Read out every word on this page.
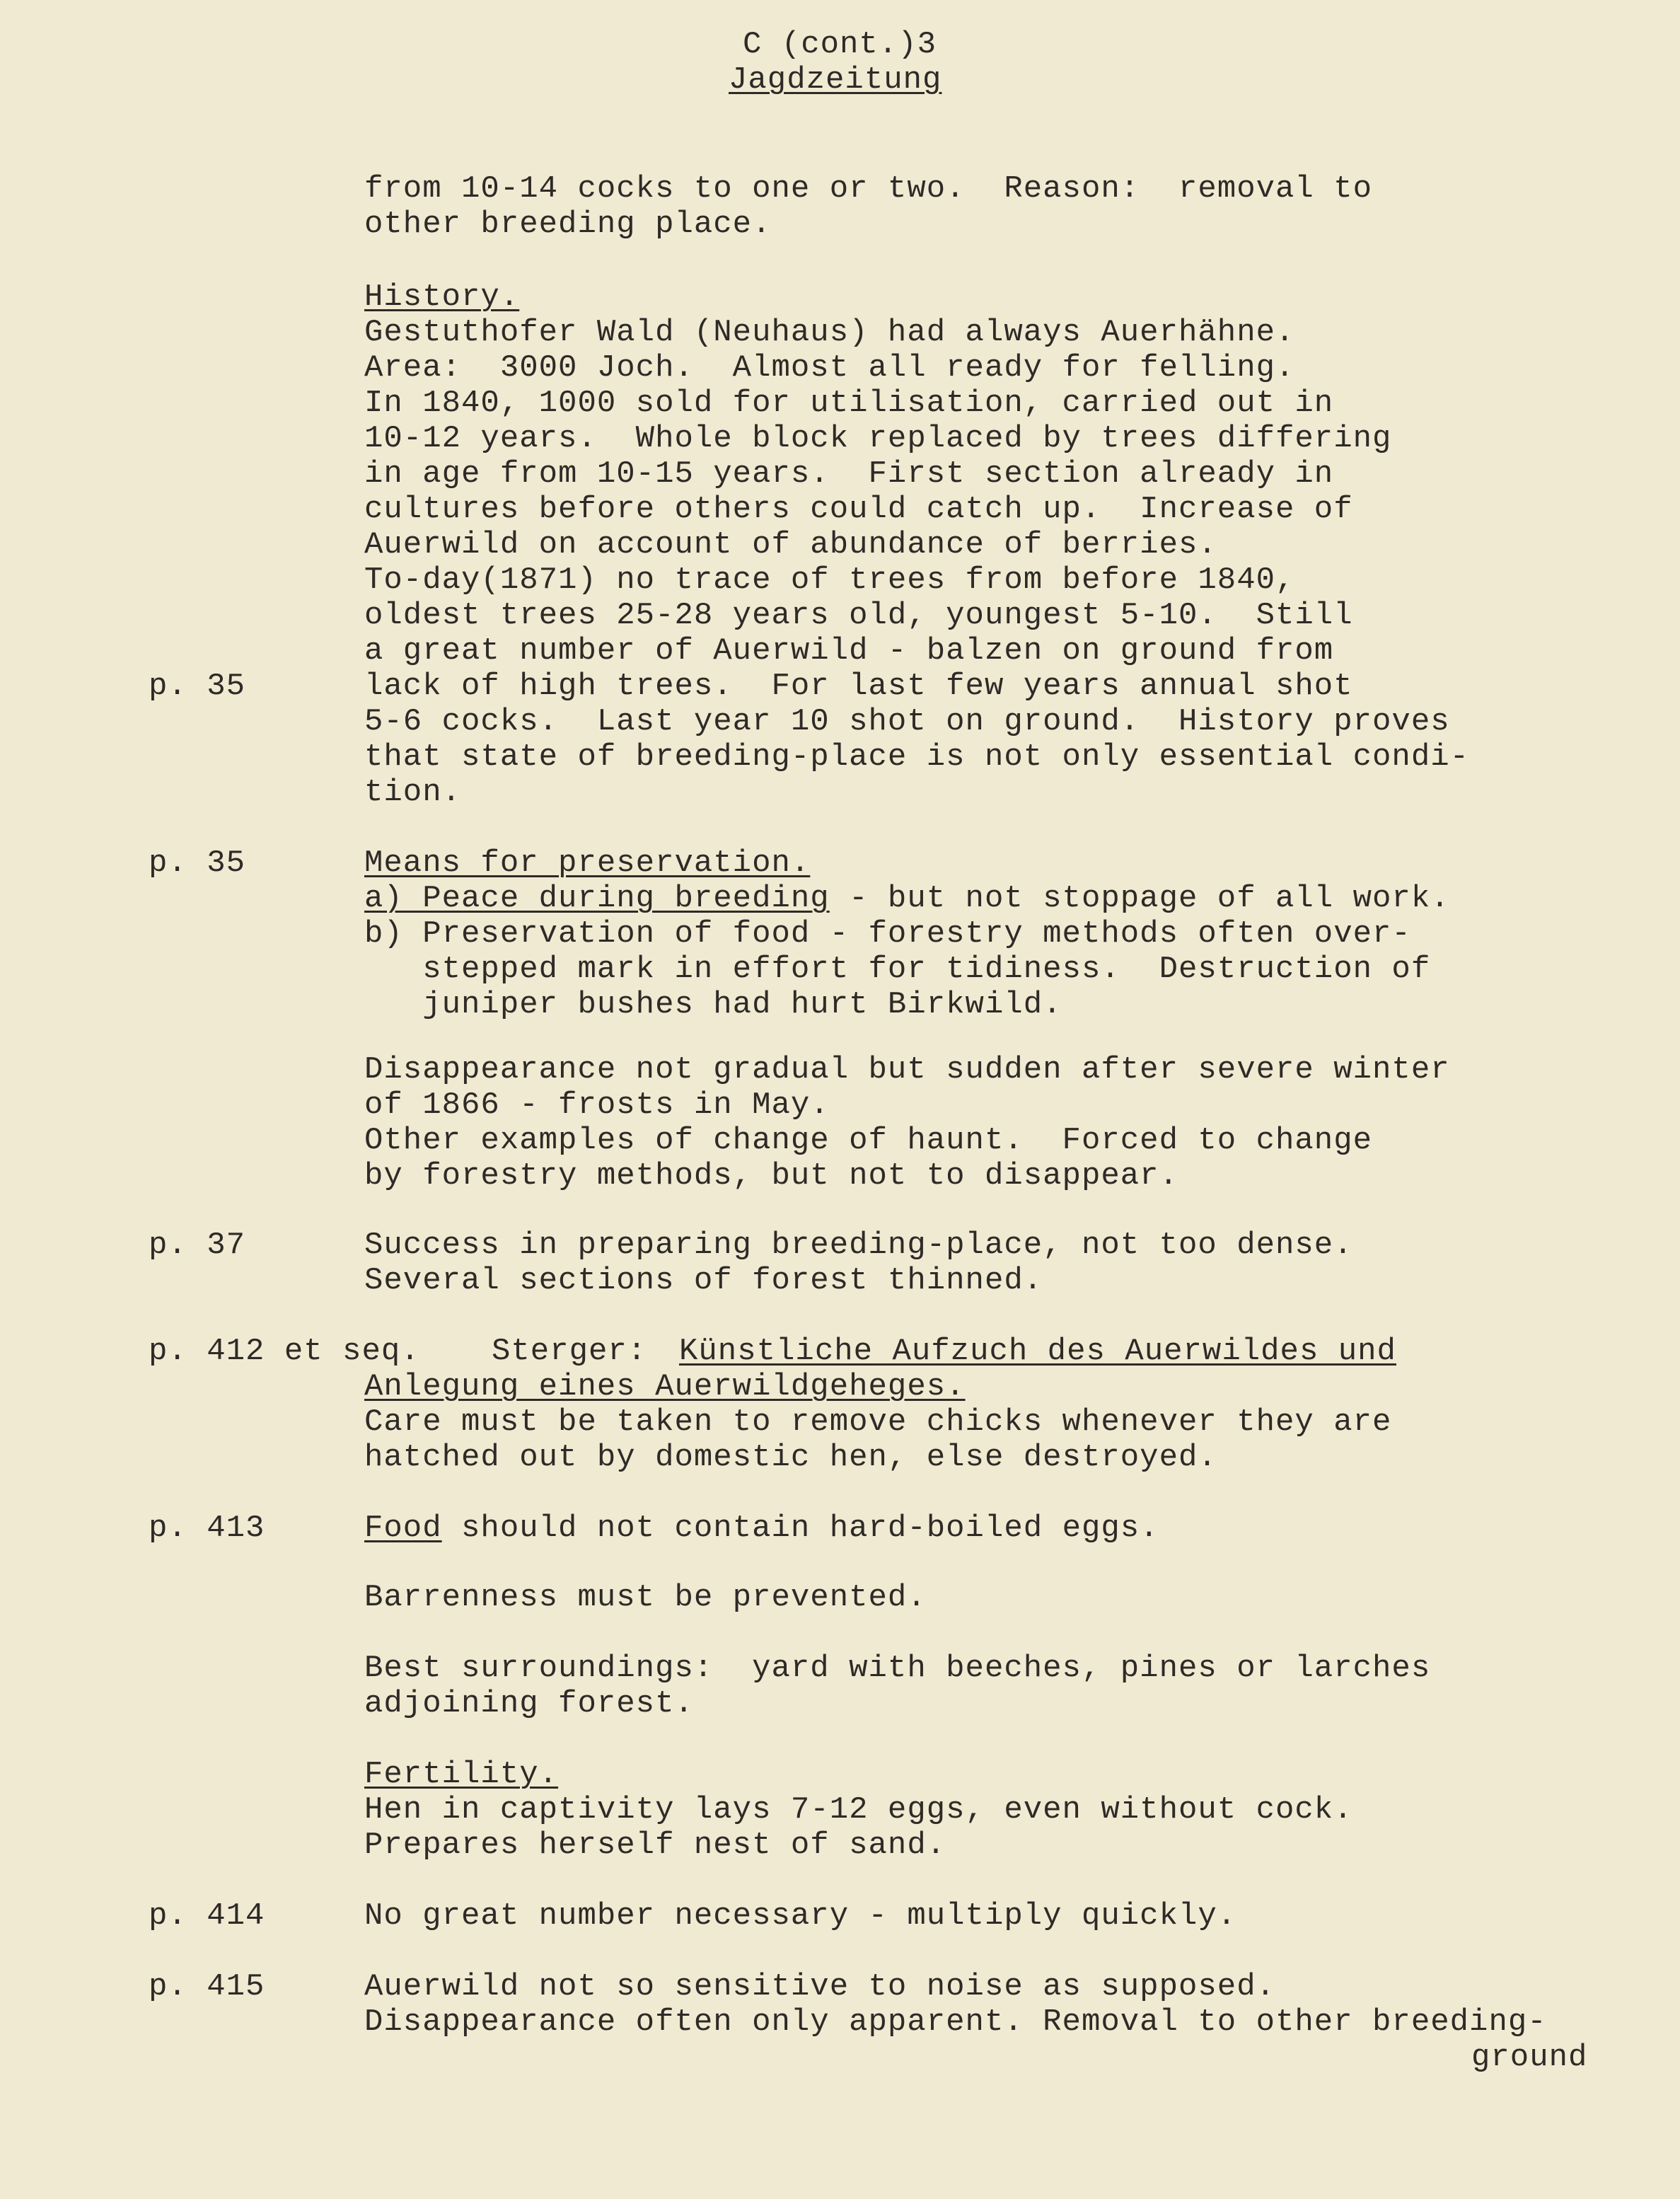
C (cont.)3
Jagdzeitung
from 10-14 cocks to one or two.  Reason:  removal to
other breeding place.
History.
Gestuthofer Wald (Neuhaus) had always Auerhähne.
Area:  3000 Joch.  Almost all ready for felling.
In 1840, 1000 sold for utilisation, carried out in
10-12 years.  Whole block replaced by trees differing
in age from 10-15 years.  First section already in
cultures before others could catch up.  Increase of
Auerwild on account of abundance of berries.
To-day(1871) no trace of trees from before 1840,
oldest trees 25-28 years old, youngest 5-10.  Still
a great number of Auerwild - balzen on ground from
p. 35	lack of high trees.  For last few years annual shot
5-6 cocks.  Last year 10 shot on ground.  History proves
that state of breeding-place is not only essential condi-
tion.
p. 35	Means for preservation.
a) Peace during breeding - but not stoppage of all work.
b) Preservation of food - forestry methods often over-
stepped mark in effort for tidiness.  Destruction of
juniper bushes had hurt Birkwild.
Disappearance not gradual but sudden after severe winter
of 1866 - frosts in May.
Other examples of change of haunt.  Forced to change
by forestry methods, but not to disappear.
p. 37	Success in preparing breeding-place, not too dense.
Several sections of forest thinned.
p. 412 et seq. Sterger: Künstliche Aufzuch des Auerwildes und
Anlegung eines Auerwildgeheges.
Care must be taken to remove chicks whenever they are
hatched out by domestic hen, else destroyed.
p. 413	Food should not contain hard-boiled eggs.
Barrenness must be prevented.
Best surroundings:  yard with beeches, pines or larches
adjoining forest.
Fertility.
Hen in captivity lays 7-12 eggs, even without cock.
Prepares herself nest of sand.
p. 414	No great number necessary - multiply quickly.
p. 415	Auerwild not so sensitive to noise as supposed.
Disappearance often only apparent. Removal to other breeding-
ground
